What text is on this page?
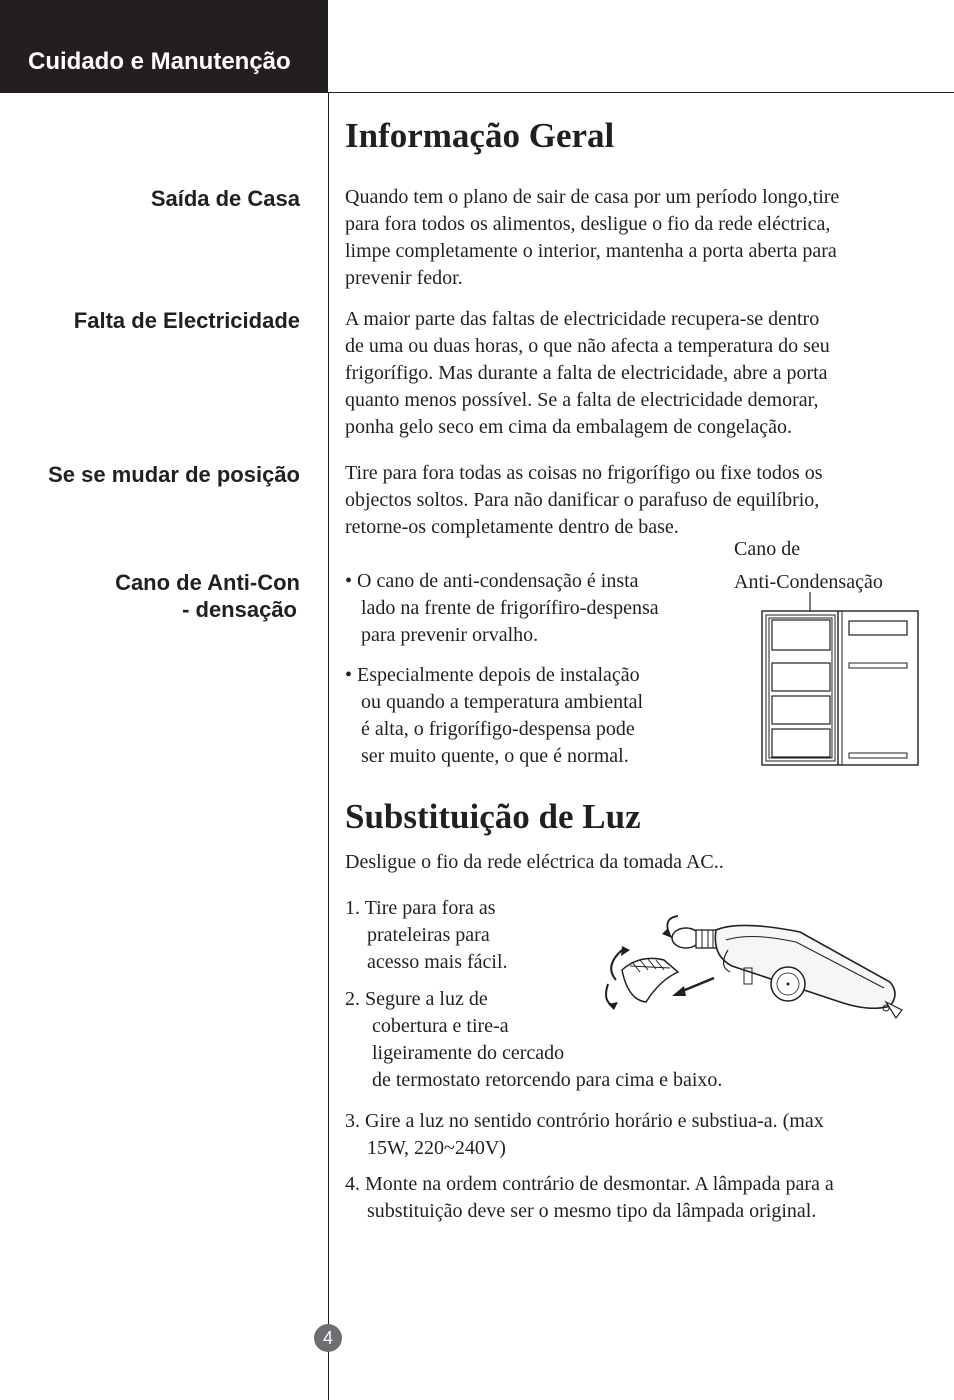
Cuidado e Manutenção
Informação Geral
Saída de Casa Quando tem o plano de sair de casa por um período longo,tire
para fora todos os alimentos, desligue o fio da rede eléctrica,
limpe completamente o interior, mantenha a porta aberta para
prevenir fedor.
Falta de Electricidade A maior parte das faltas de electricidade recupera-se dentro
de uma ou duas horas, o que não afecta a temperatura do seu
frigorífigo. Mas durante a falta de electricidade, abre a porta
quanto menos possível. Se a falta de electricidade demorar,
ponha gelo seco em cima da embalagem de congelação.
Se se mudar de posição Tire para fora todas as coisas no frigorífigo ou fixe todos os
objectos soltos. Para não danificar o parafuso de equilíbrio,
retorne-os completamente dentro de base.
Cano de Anti-Con
- densação
• O cano de anti-condensação é insta
lado na frente de frigorífiro-despensa
para prevenir orvalho.
• Especialmente depois de instalação
ou quando a temperatura ambiental
é alta, o frigorífigo-despensa pode
ser muito quente, o que é normal.
Cano de
Anti-Condensação
Substituição de Luz
Desligue o fio da rede eléctrica da tomada AC..
1. Tire para fora as
prateleiras para
acesso mais fácil.
2. Segure a luz de
cobertura e tire-a
ligeiramente do cercado
de termostato retorcendo para cima e baixo.
3. Gire a luz no sentido contrório horário e substiua-a. (max
15W, 220~240V)
4. Monte na ordem contrário de desmontar. A lâmpada para a
substituição deve ser o mesmo tipo da lâmpada original.
4
